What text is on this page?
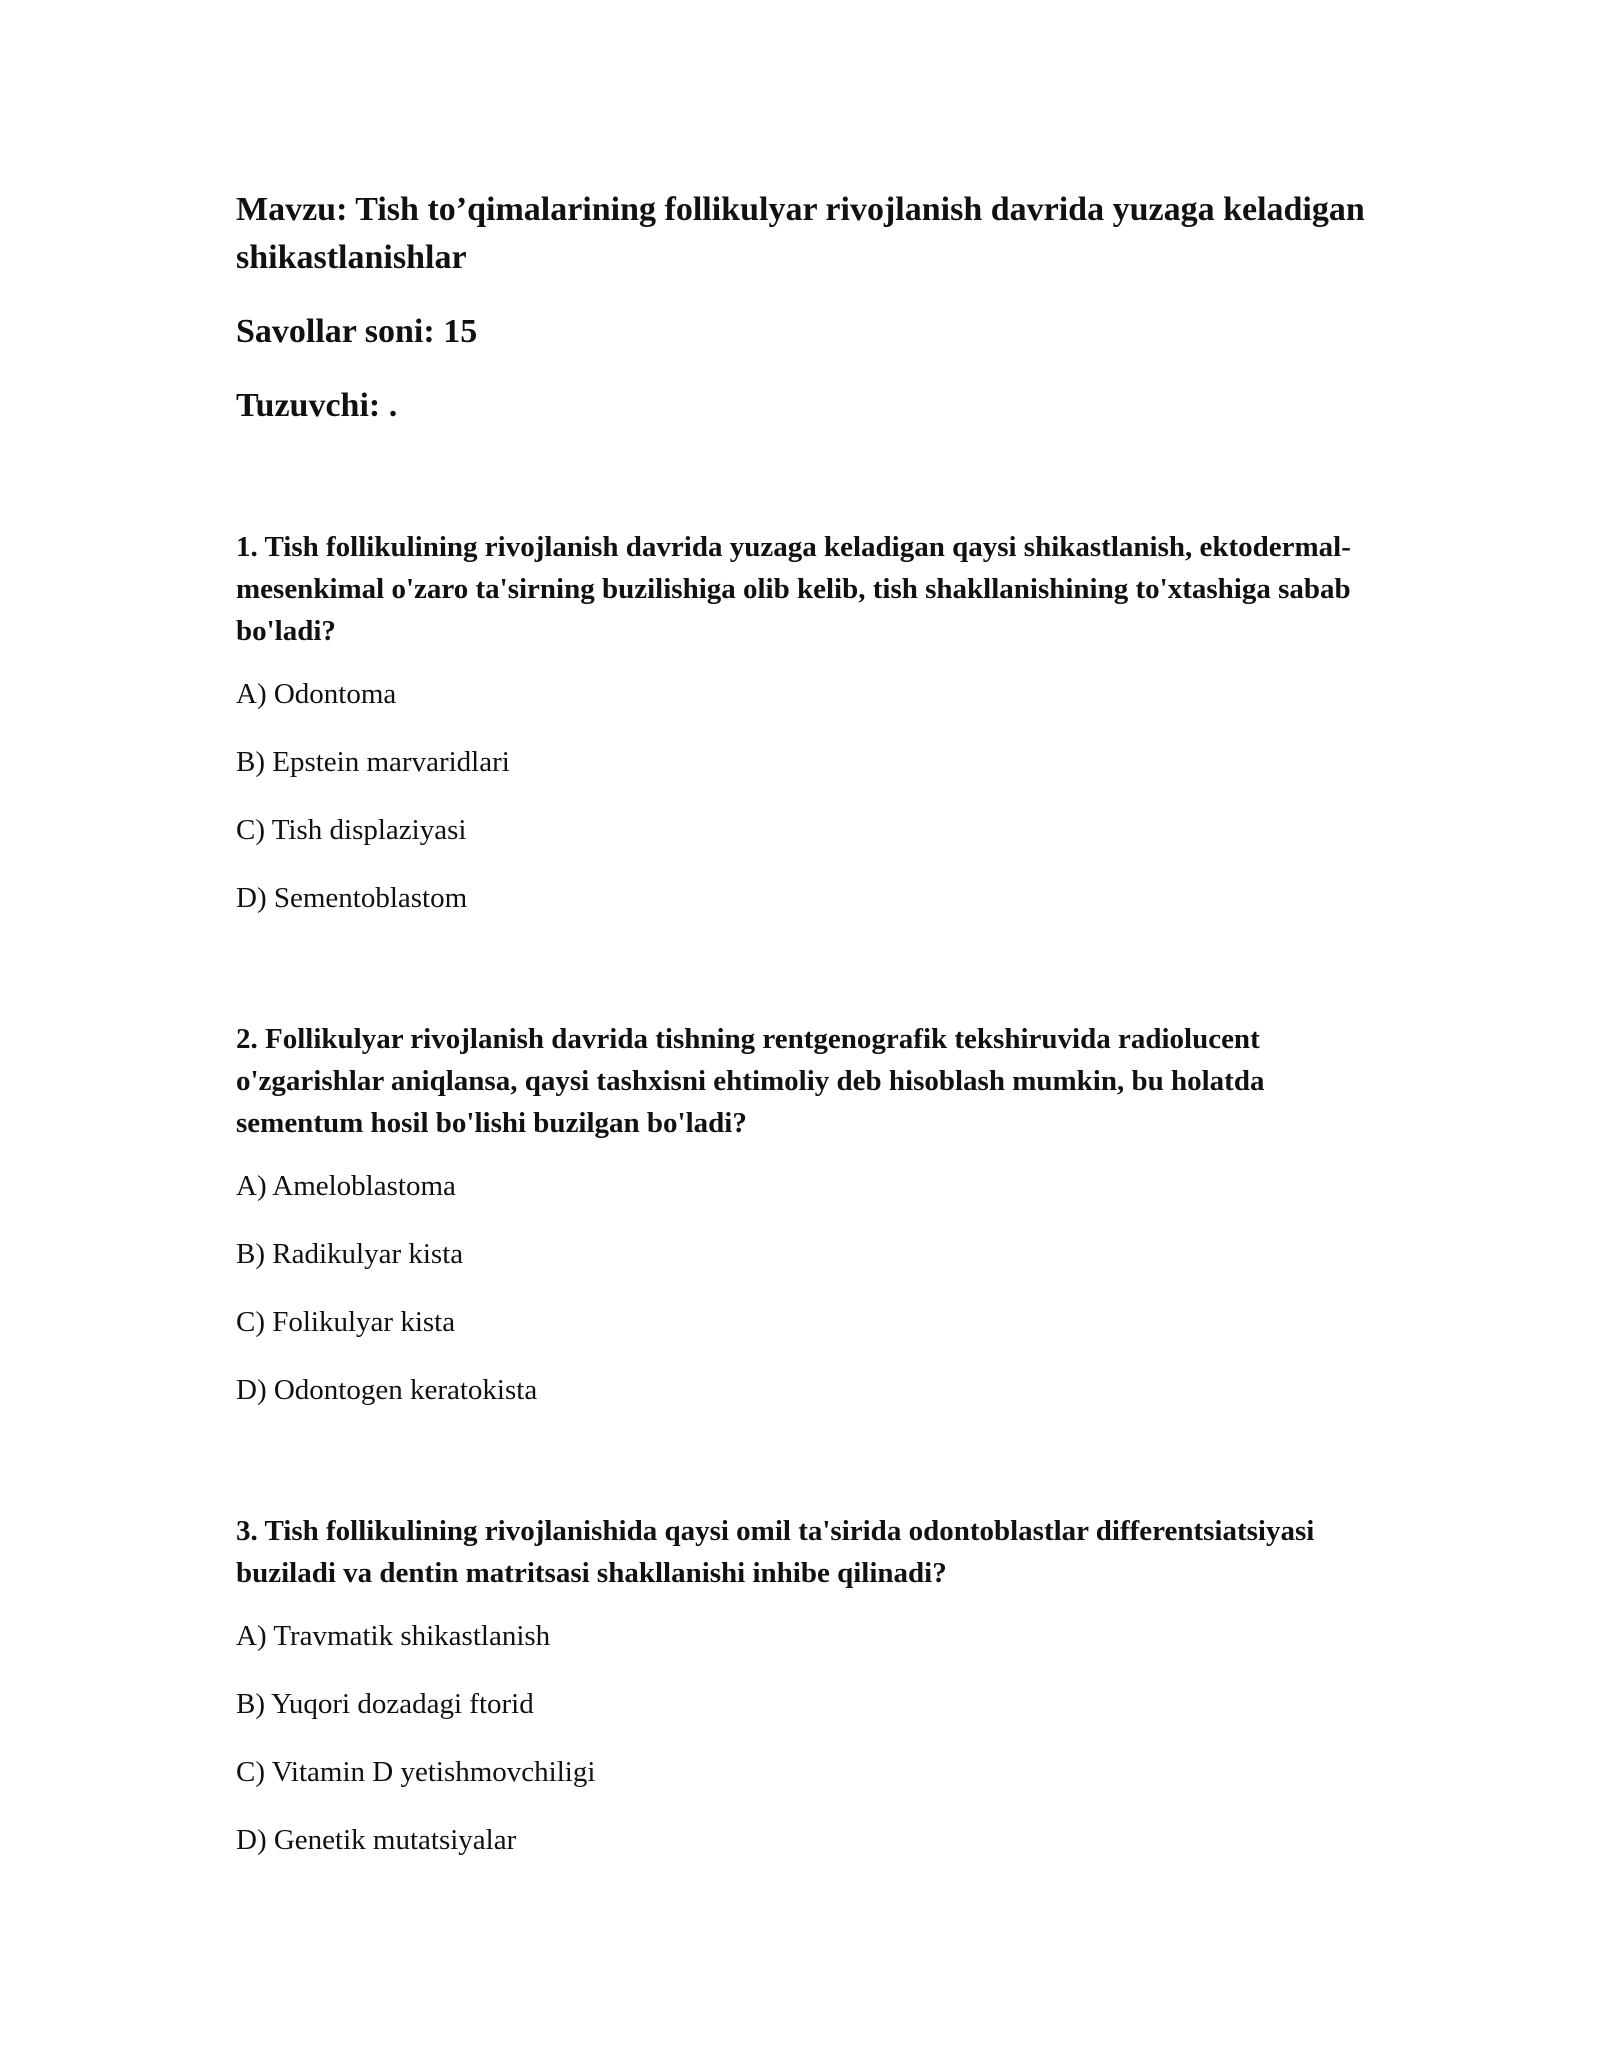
Mavzu: Tish to’qimalarining follikulyar rivojlanish davrida yuzaga keladigan shikastlanishlar

Savollar soni: 15

Tuzuvchi: .

1. Tish follikulining rivojlanish davrida yuzaga keladigan qaysi shikastlanish, ektodermal-mesenkimal o'zaro ta'sirning buzilishiga olib kelib, tish shakllanishining to'xtashiga sabab bo'ladi?

A) Odontoma

B) Epstein marvaridlari

C) Tish displaziyasi

D) Sementoblastom

2. Follikulyar rivojlanish davrida tishning rentgenografik tekshiruvida radiolucent o'zgarishlar aniqlansa, qaysi tashxisni ehtimoliy deb hisoblash mumkin, bu holatda sementum hosil bo'lishi buzilgan bo'ladi?

A) Ameloblastoma

B) Radikulyar kista

C) Folikulyar kista

D) Odontogen keratokista

3. Tish follikulining rivojlanishida qaysi omil ta'sirida odontoblastlar differentsiatsiyasi buziladi va dentin matritsasi shakllanishi inhibe qilinadi?

A) Travmatik shikastlanish

B) Yuqori dozadagi ftorid

C) Vitamin D yetishmovchiligi

D) Genetik mutatsiyalar
